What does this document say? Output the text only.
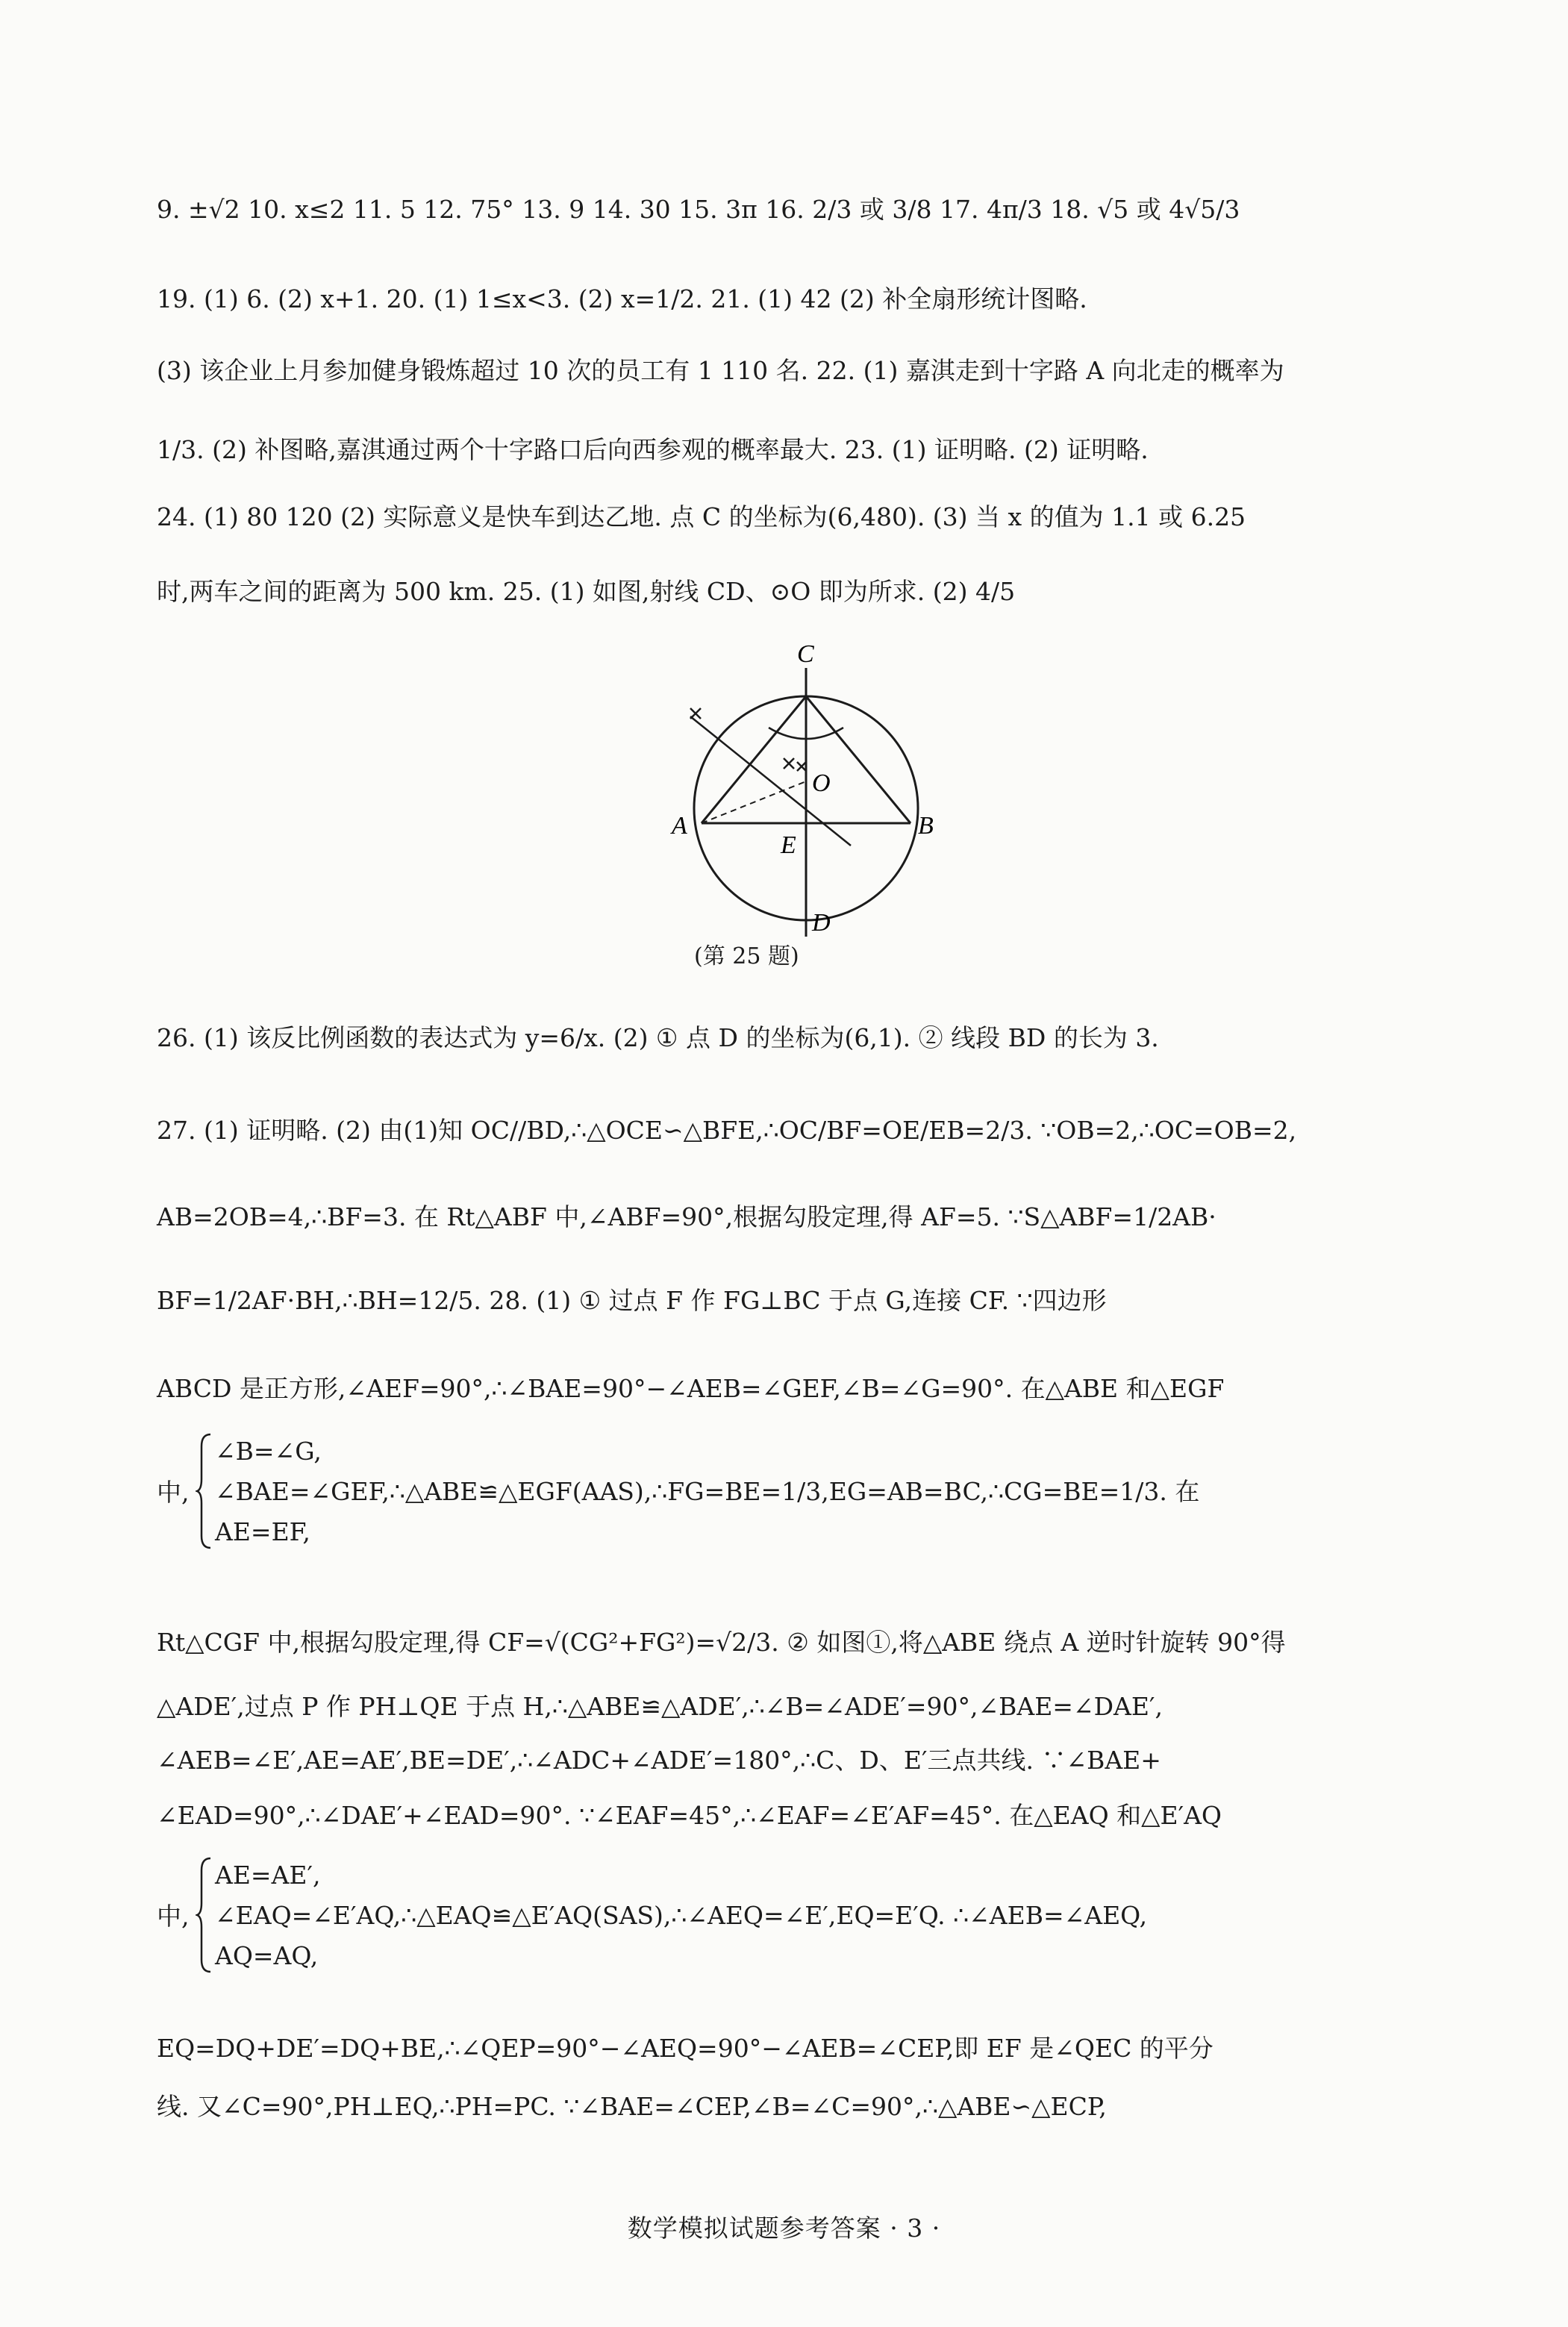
9. ±√2 10. x≤2 11. 5 12. 75° 13. 9 14. 30 15. 3π 16. 2/3 或 3/8 17. 4π/3 18. √5 或 4√5/3
19. (1) 6. (2) x+1. 20. (1) 1≤x<3. (2) x=1/2. 21. (1) 42 (2) 补全扇形统计图略.
(3) 该企业上月参加健身锻炼超过 10 次的员工有 1 110 名. 22. (1) 嘉淇走到十字路 A 向北走的概率为
1/3. (2) 补图略,嘉淇通过两个十字路口后向西参观的概率最大. 23. (1) 证明略. (2) 证明略.
24. (1) 80 120 (2) 实际意义是快车到达乙地. 点 C 的坐标为(6,480). (3) 当 x 的值为 1.1 或 6.25
时,两车之间的距离为 500 km. 25. (1) 如图,射线 CD、⊙O 即为所求. (2) 4/5
C
O
A	B
E
D
(第 25 题)
26. (1) 该反比例函数的表达式为 y=6/x. (2) ① 点 D 的坐标为(6,1). ② 线段 BD 的长为 3.
27. (1) 证明略. (2) 由(1)知 OC//BD,∴△OCE∽△BFE,∴OC/BF=OE/EB=2/3. ∵OB=2,∴OC=OB=2,
AB=2OB=4,∴BF=3. 在 Rt△ABF 中,∠ABF=90°,根据勾股定理,得 AF=5. ∵S△ABF=1/2AB·
BF=1/2AF·BH,∴BH=12/5. 28. (1) ① 过点 F 作 FG⊥BC 于点 G,连接 CF. ∵四边形
ABCD 是正方形,∠AEF=90°,∴∠BAE=90°−∠AEB=∠GEF,∠B=∠G=90°. 在△ABE 和△EGF
中,
∠B=∠G,
∠BAE=∠GEF,∴△ABE≌△EGF(AAS),∴FG=BE=1/3,EG=AB=BC,∴CG=BE=1/3. 在
AE=EF,
Rt△CGF 中,根据勾股定理,得 CF=√(CG²+FG²)=√2/3. ② 如图①,将△ABE 绕点 A 逆时针旋转 90°得
△ADE′,过点 P 作 PH⊥QE 于点 H,∴△ABE≌△ADE′,∴∠B=∠ADE′=90°,∠BAE=∠DAE′,
∠AEB=∠E′,AE=AE′,BE=DE′,∴∠ADC+∠ADE′=180°,∴C、D、E′三点共线. ∵∠BAE+
∠EAD=90°,∴∠DAE′+∠EAD=90°. ∵∠EAF=45°,∴∠EAF=∠E′AF=45°. 在△EAQ 和△E′AQ
中,
AE=AE′,
∠EAQ=∠E′AQ,∴△EAQ≌△E′AQ(SAS),∴∠AEQ=∠E′,EQ=E′Q. ∴∠AEB=∠AEQ,
AQ=AQ,
EQ=DQ+DE′=DQ+BE,∴∠QEP=90°−∠AEQ=90°−∠AEB=∠CEP,即 EF 是∠QEC 的平分
线. 又∠C=90°,PH⊥EQ,∴PH=PC. ∵∠BAE=∠CEP,∠B=∠C=90°,∴△ABE∽△ECP,
数学模拟试题参考答案 · 3 ·
